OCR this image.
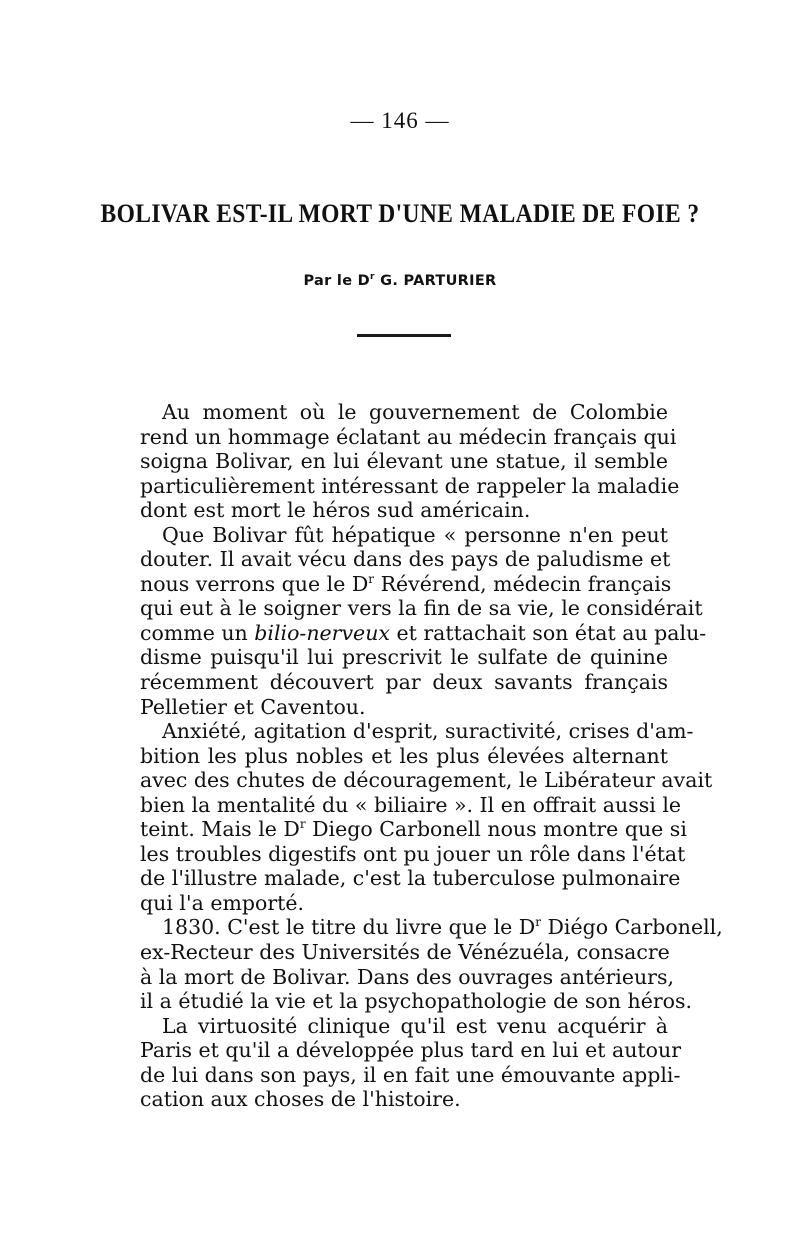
— 146 —
BOLIVAR EST-IL MORT D'UNE MALADIE DE FOIE ?
Par le $D^r$ G. PARTURIER
Au moment où le gouvernement de Colombie
rend un hommage éclatant au médecin français qui
soigna Bolivar, en lui élevant une statue, il semble
particulièrement intéressant de rappeler la maladie
dont est mort le héros sud américain.
Que Bolivar fût hépatique « personne n'en peut
douter. Il avait vécu dans des pays de paludisme et
nous verrons que le $D^r$ Révérend, médecin français
qui eut à le soigner vers la fin de sa vie, le considérait
comme un bilio-nerveux et rattachait son état au palu-
disme puisqu'il lui prescrivit le sulfate de quinine
récemment découvert par deux savants français
Pelletier et Caventou.
Anxiété, agitation d'esprit, suractivité, crises d'am-
bition les plus nobles et les plus élevées alternant
avec des chutes de découragement, le Libérateur avait
bien la mentalité du « biliaire ». Il en offrait aussi le
teint. Mais le $D^r$ Diego Carbonell nous montre que si
les troubles digestifs ont pu jouer un rôle dans l'état
de l'illustre malade, c'est la tuberculose pulmonaire
qui l'a emporté.
1830. C'est le titre du livre que le $D^r$ Diégo Carbonell,
ex-Recteur des Universités de Vénézuéla, consacre
à la mort de Bolivar. Dans des ouvrages antérieurs,
il a étudié la vie et la psychopathologie de son héros.
La virtuosité clinique qu'il est venu acquérir à
Paris et qu'il a développée plus tard en lui et autour
de lui dans son pays, il en fait une émouvante appli-
cation aux choses de l'histoire.
